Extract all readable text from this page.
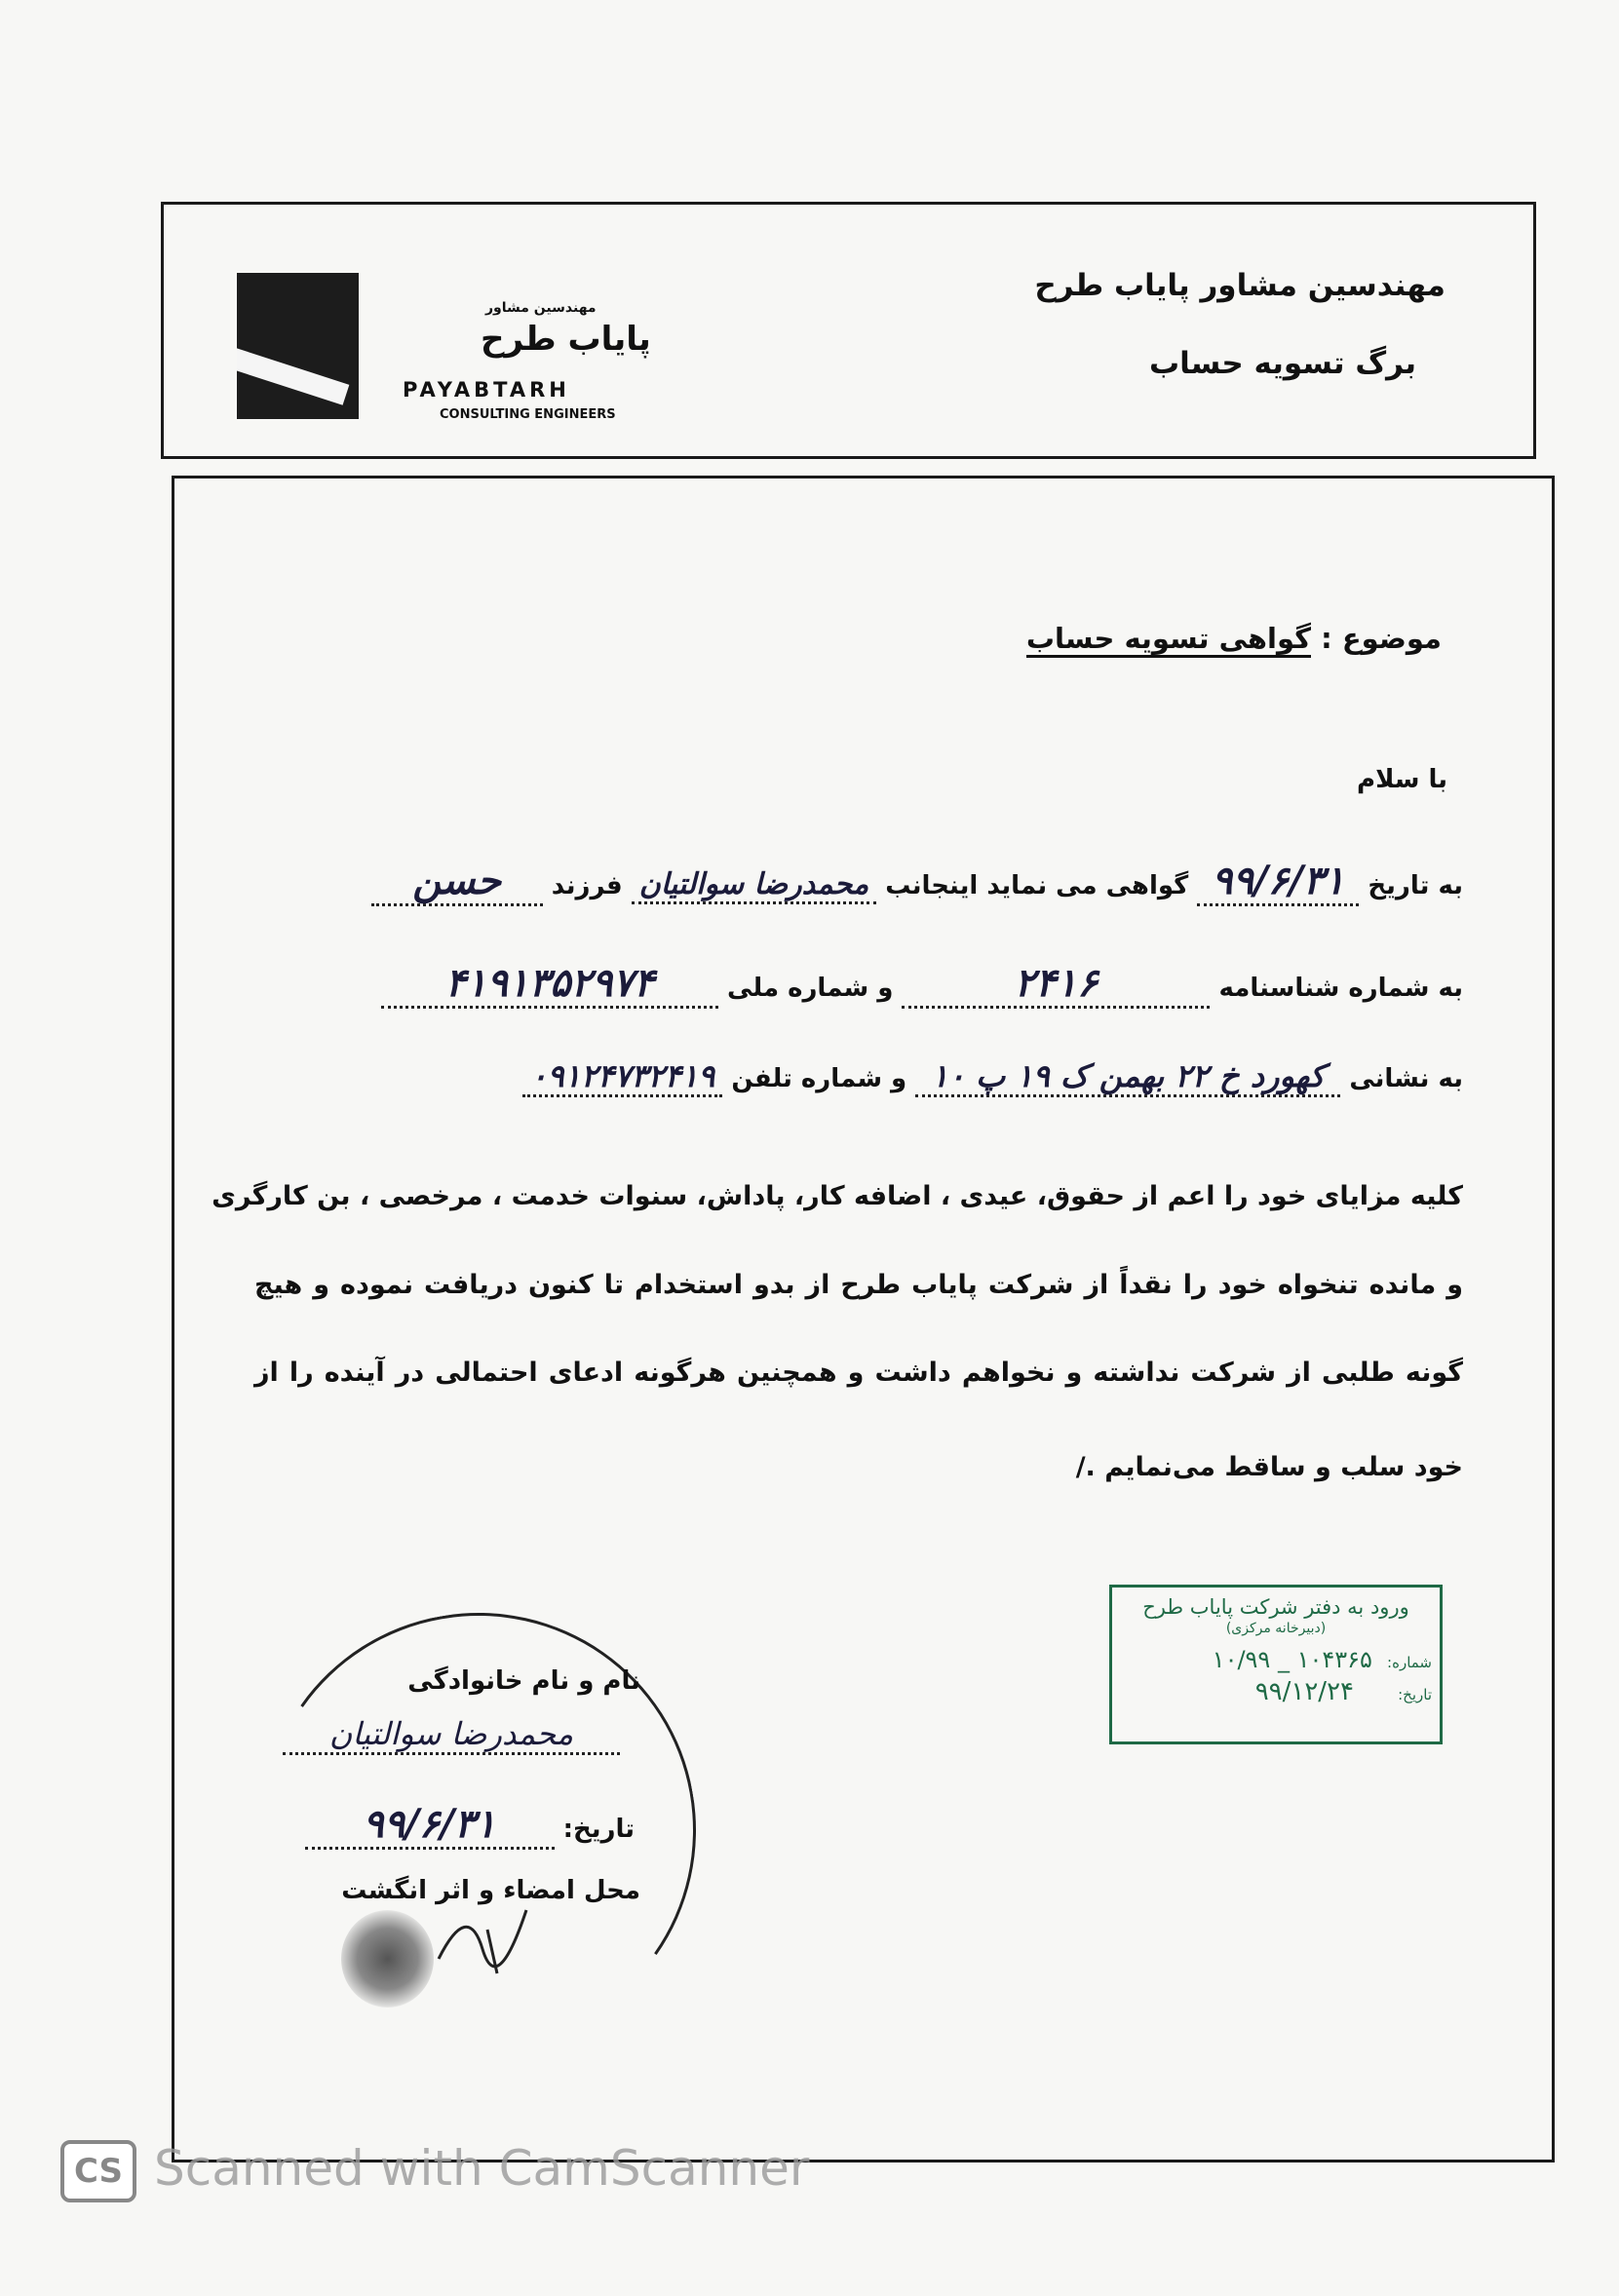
مهندسین مشاور
پایاب طرح
PAYABTARH
CONSULTING ENGINEERS
مهندسین مشاور پایاب طرح
برگ تسویه حساب
موضوع : گواهی تسویه حساب
با سلام
به تاریخ ۹۹/۶/۳۱ گواهی می نماید اینجانب محمدرضا سوالتیان فرزند حسن
به شماره شناسنامه ۲۴۱۶ و شماره ملی ۴۱۹۱۳۵۲۹۷۴
به نشانی کهورد خ ۲۲ بهمن ک ۱۹ پ ۱۰ و شماره تلفن ۰۹۱۲۴۷۳۲۴۱۹
کلیه مزایای خود را اعم از حقوق، عیدی ، اضافه کار، پاداش، سنوات خدمت ، مرخصی ، بن کارگری
و مانده تنخواه خود را نقداً از شرکت پایاب طرح از بدو استخدام تا کنون دریافت نموده و هیچ
گونه طلبی از شرکت نداشته و نخواهم داشت و همچنین هرگونه ادعای احتمالی در آینده را از
خود سلب و ساقط می‌نمایم ./
ورود به دفتر شرکت پایاب طرح
(دبیرخانه مرکزی)
شماره: ۱۰۴۳۶۵ _ ۱۰/۹۹
تاریخ: ۹۹/۱۲/۲۴
نام و نام خانوادگی
محمدرضا سوالتیان
تاریخ: ۹۹/۶/۳۱
محل امضاء و اثر انگشت
CS Scanned with CamScanner
